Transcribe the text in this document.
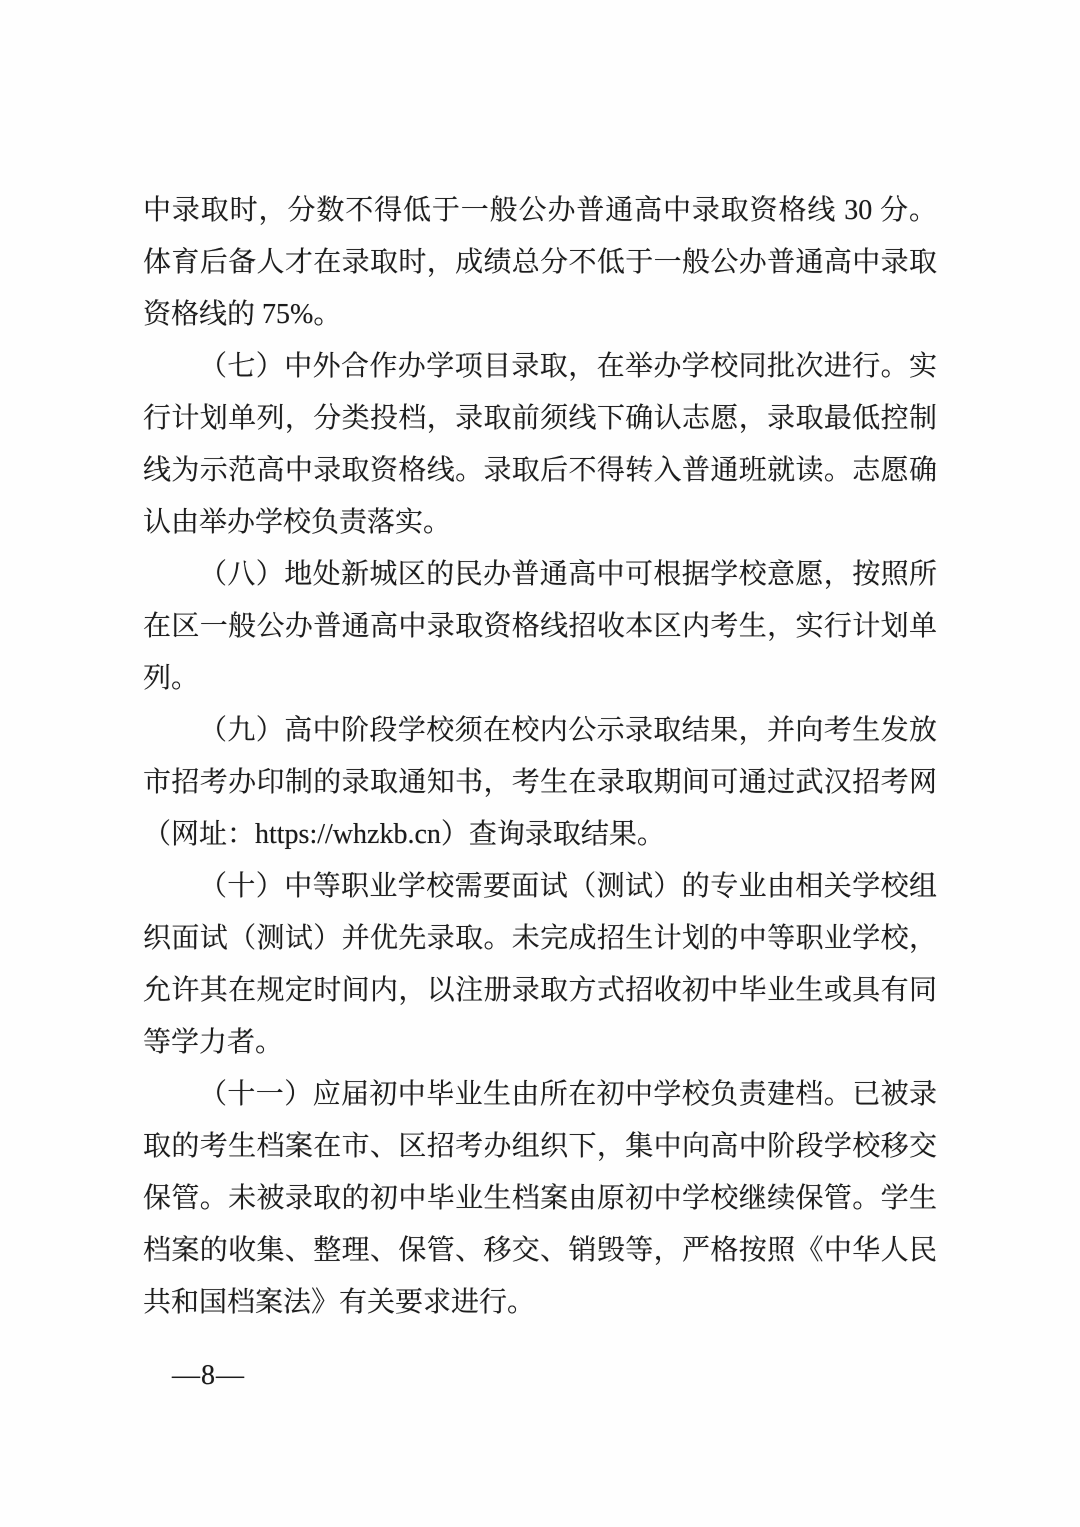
中录取时，分数不得低于一般公办普通高中录取资格线 30 分。体育后备人才在录取时，成绩总分不低于一般公办普通高中录取资格线的 75%。

（七）中外合作办学项目录取，在举办学校同批次进行。实行计划单列，分类投档，录取前须线下确认志愿，录取最低控制线为示范高中录取资格线。录取后不得转入普通班就读。志愿确认由举办学校负责落实。

（八）地处新城区的民办普通高中可根据学校意愿，按照所在区一般公办普通高中录取资格线招收本区内考生，实行计划单列。

（九）高中阶段学校须在校内公示录取结果，并向考生发放市招考办印制的录取通知书，考生在录取期间可通过武汉招考网（网址：https://whzkb.cn）查询录取结果。

（十）中等职业学校需要面试（测试）的专业由相关学校组织面试（测试）并优先录取。未完成招生计划的中等职业学校，允许其在规定时间内，以注册录取方式招收初中毕业生或具有同等学力者。

（十一）应届初中毕业生由所在初中学校负责建档。已被录取的考生档案在市、区招考办组织下，集中向高中阶段学校移交保管。未被录取的初中毕业生档案由原初中学校继续保管。学生档案的收集、整理、保管、移交、销毁等，严格按照《中华人民共和国档案法》有关要求进行。

—8—
